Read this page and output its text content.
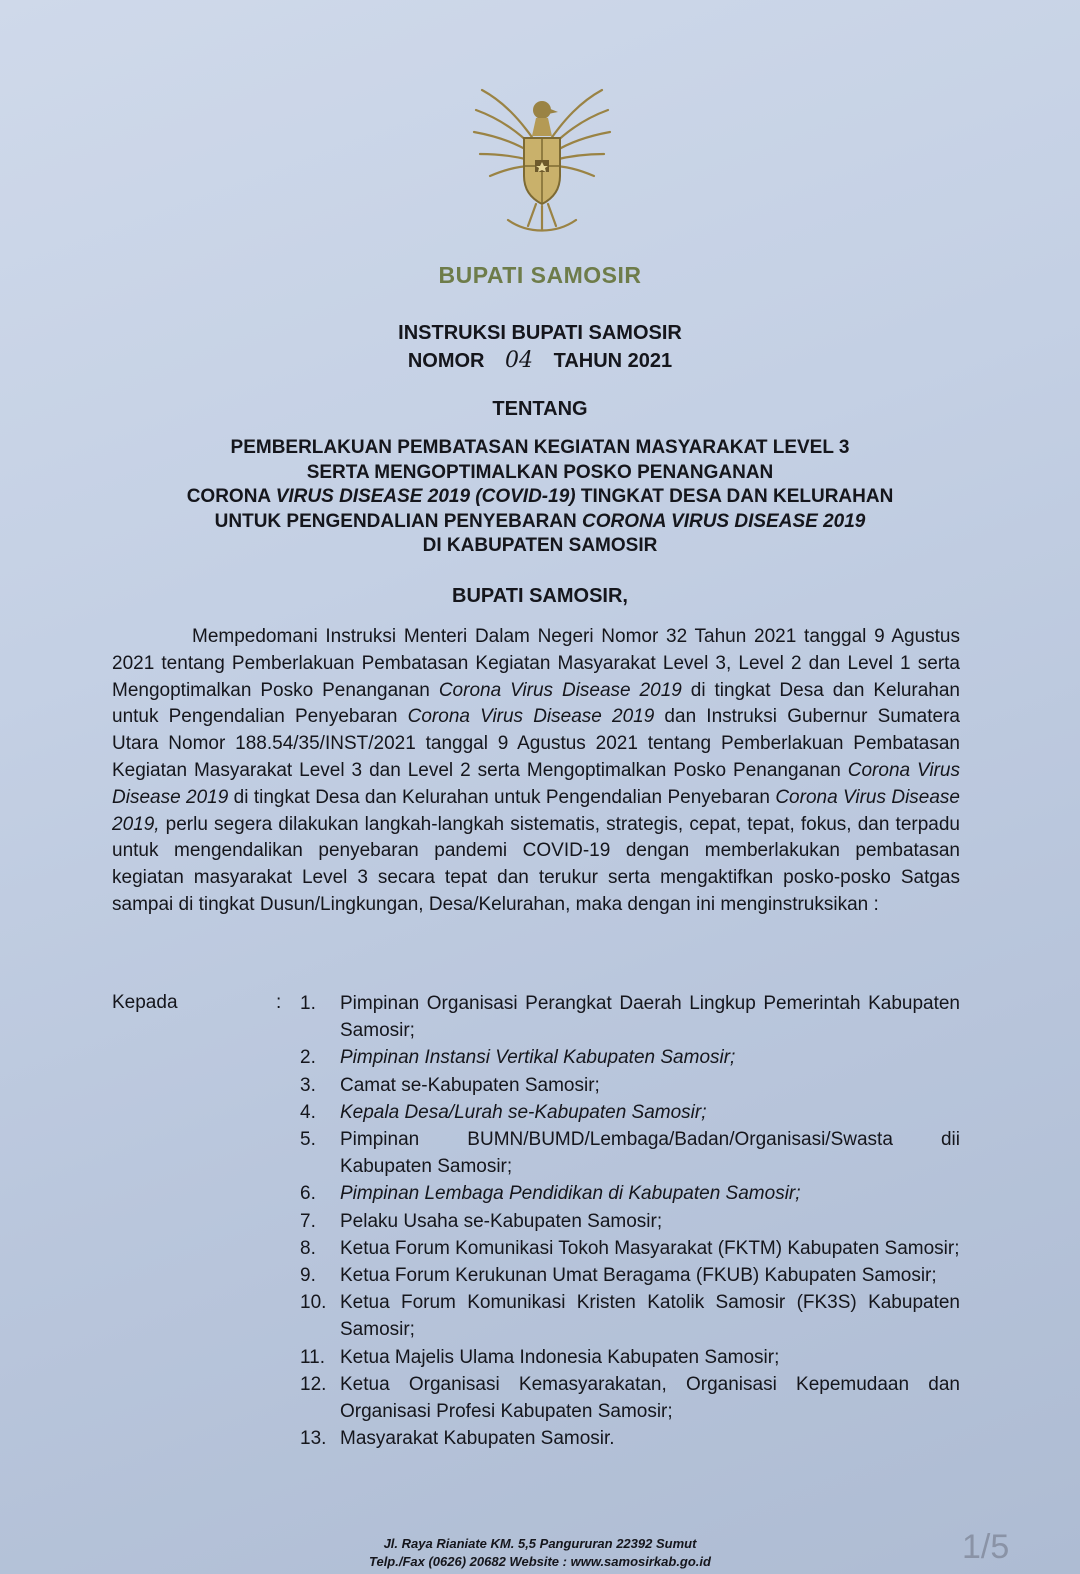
BUPATI SAMOSIR
INSTRUKSI BUPATI SAMOSIR
NOMOR 04 TAHUN 2021
TENTANG
PEMBERLAKUAN PEMBATASAN KEGIATAN MASYARAKAT LEVEL 3
SERTA MENGOPTIMALKAN POSKO PENANGANAN
CORONA VIRUS DISEASE 2019 (COVID-19) TINGKAT DESA DAN KELURAHAN
UNTUK PENGENDALIAN PENYEBARAN CORONA VIRUS DISEASE 2019
DI KABUPATEN SAMOSIR
BUPATI SAMOSIR,
Mempedomani Instruksi Menteri Dalam Negeri Nomor 32 Tahun 2021 tanggal 9 Agustus 2021 tentang Pemberlakuan Pembatasan Kegiatan Masyarakat Level 3, Level 2 dan Level 1 serta Mengoptimalkan Posko Penanganan Corona Virus Disease 2019 di tingkat Desa dan Kelurahan untuk Pengendalian Penyebaran Corona Virus Disease 2019 dan Instruksi Gubernur Sumatera Utara Nomor 188.54/35/INST/2021 tanggal 9 Agustus 2021 tentang Pemberlakuan Pembatasan Kegiatan Masyarakat Level 3 dan Level 2 serta Mengoptimalkan Posko Penanganan Corona Virus Disease 2019 di tingkat Desa dan Kelurahan untuk Pengendalian Penyebaran Corona Virus Disease 2019, perlu segera dilakukan langkah-langkah sistematis, strategis, cepat, tepat, fokus, dan terpadu untuk mengendalikan penyebaran pandemi COVID-19 dengan memberlakukan pembatasan kegiatan masyarakat Level 3 secara tepat dan terukur serta mengaktifkan posko-posko Satgas sampai di tingkat Dusun/Lingkungan, Desa/Kelurahan, maka dengan ini menginstruksikan :
Kepada	: 1.	Pimpinan Organisasi Perangkat Daerah Lingkup Pemerintah Kabupaten Samosir;
2.	Pimpinan Instansi Vertikal Kabupaten Samosir;
3.	Camat se-Kabupaten Samosir;
4.	Kepala Desa/Lurah se-Kabupaten Samosir;
5.	Pimpinan BUMN/BUMD/Lembaga/Badan/Organisasi/Swasta dii Kabupaten Samosir;
6.	Pimpinan Lembaga Pendidikan di Kabupaten Samosir;
7.	Pelaku Usaha se-Kabupaten Samosir;
8.	Ketua Forum Komunikasi Tokoh Masyarakat (FKTM) Kabupaten Samosir;
9.	Ketua Forum Kerukunan Umat Beragama (FKUB) Kabupaten Samosir;
10. Ketua Forum Komunikasi Kristen Katolik Samosir (FK3S) Kabupaten Samosir;
11. Ketua Majelis Ulama Indonesia Kabupaten Samosir;
12. Ketua Organisasi Kemasyarakatan, Organisasi Kepemudaan dan Organisasi Profesi Kabupaten Samosir;
13. Masyarakat Kabupaten Samosir.
Jl. Raya Rianiate KM. 5,5 Pangururan 22392 Sumut
Telp./Fax (0626) 20682 Website : www.samosirkab.go.id	1/5
